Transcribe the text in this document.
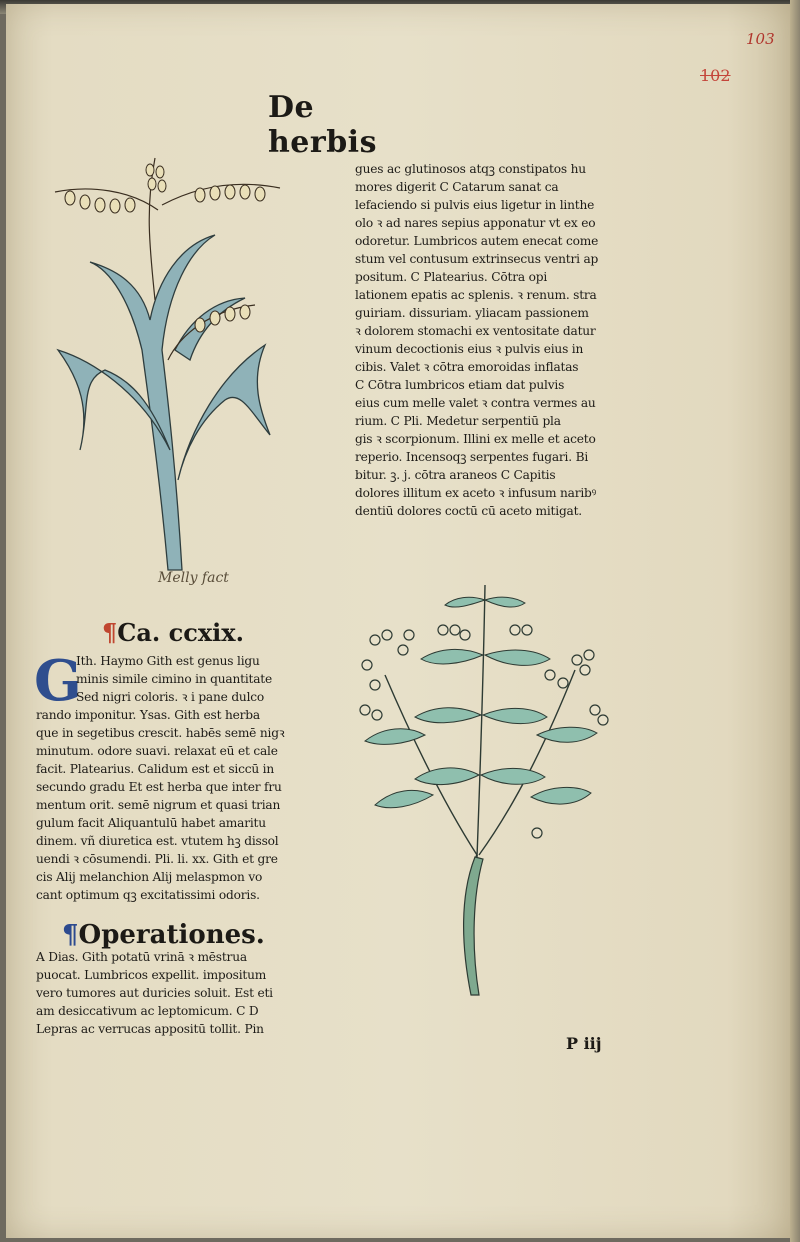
103
102
De herbis
Melly fact
gues ac glutinosos atqꝫ constipatos hu
mores digerit C Catarum sanat ca
lefaciendo si pulvis eius ligetur in linthe
olo ꝛ ad nares sepius apponatur vt ex eo
odoretur. Lumbricos autem enecat come
stum vel contusum extrinsecus ventri ap
positum. C Platearius. Cōtra opi
lationem epatis ac splenis. ꝛ renum. stra
guiriam. dissuriam. yliacam passionem
ꝛ dolorem stomachi ex ventositate datur
vinum decoctionis eius ꝛ pulvis eius in
cibis. Valet ꝛ cōtra emoroidas inflatas
C Cōtra lumbricos etiam dat pulvis
eius cum melle valet ꝛ contra vermes au
rium. C Pli. Medetur serpentiū pla
gis ꝛ scorpionum. Illini ex melle et aceto
reperio. Incensoqꝫ serpentes fugari. Bi
bitur. ꝫ. j. cōtra araneos C Capitis
dolores illitum ex aceto ꝛ infusum naribꝰ
dentiū dolores coctū cū aceto mitigat.
¶Ca. ccxix.
G
Ith. Haymo Gith est genus ligu
minis simile cimino in quantitate
Sed nigri coloris. ꝛ i pane dulco
rando imponitur. Ysas. Gith est herba
que in segetibus crescit. habēs semē nigꝛ
minutum. odore suavi. relaxat eū et cale
facit. Platearius. Calidum est et siccū in
secundo gradu Et est herba que inter fru
mentum orit. semē nigrum et quasi trian
gulum facit Aliquantulū habet amaritu
dinem. vñ diuretica est. vtutem hꝫ dissol
uendi ꝛ cōsumendi. Pli. li. xx. Gith et gre
cis Alij melanchion Alij melaspmon vo
cant optimum qꝫ excitatissimi odoris.
¶Operationes.
A Dias. Gith potatū vrinā ꝛ mēstrua
puocat. Lumbricos expellit. impositum
vero tumores aut duricies soluit. Est eti
am desiccativum ac leptomicum. C D
Lepras ac verrucas appositū tollit. Pin
P iij
